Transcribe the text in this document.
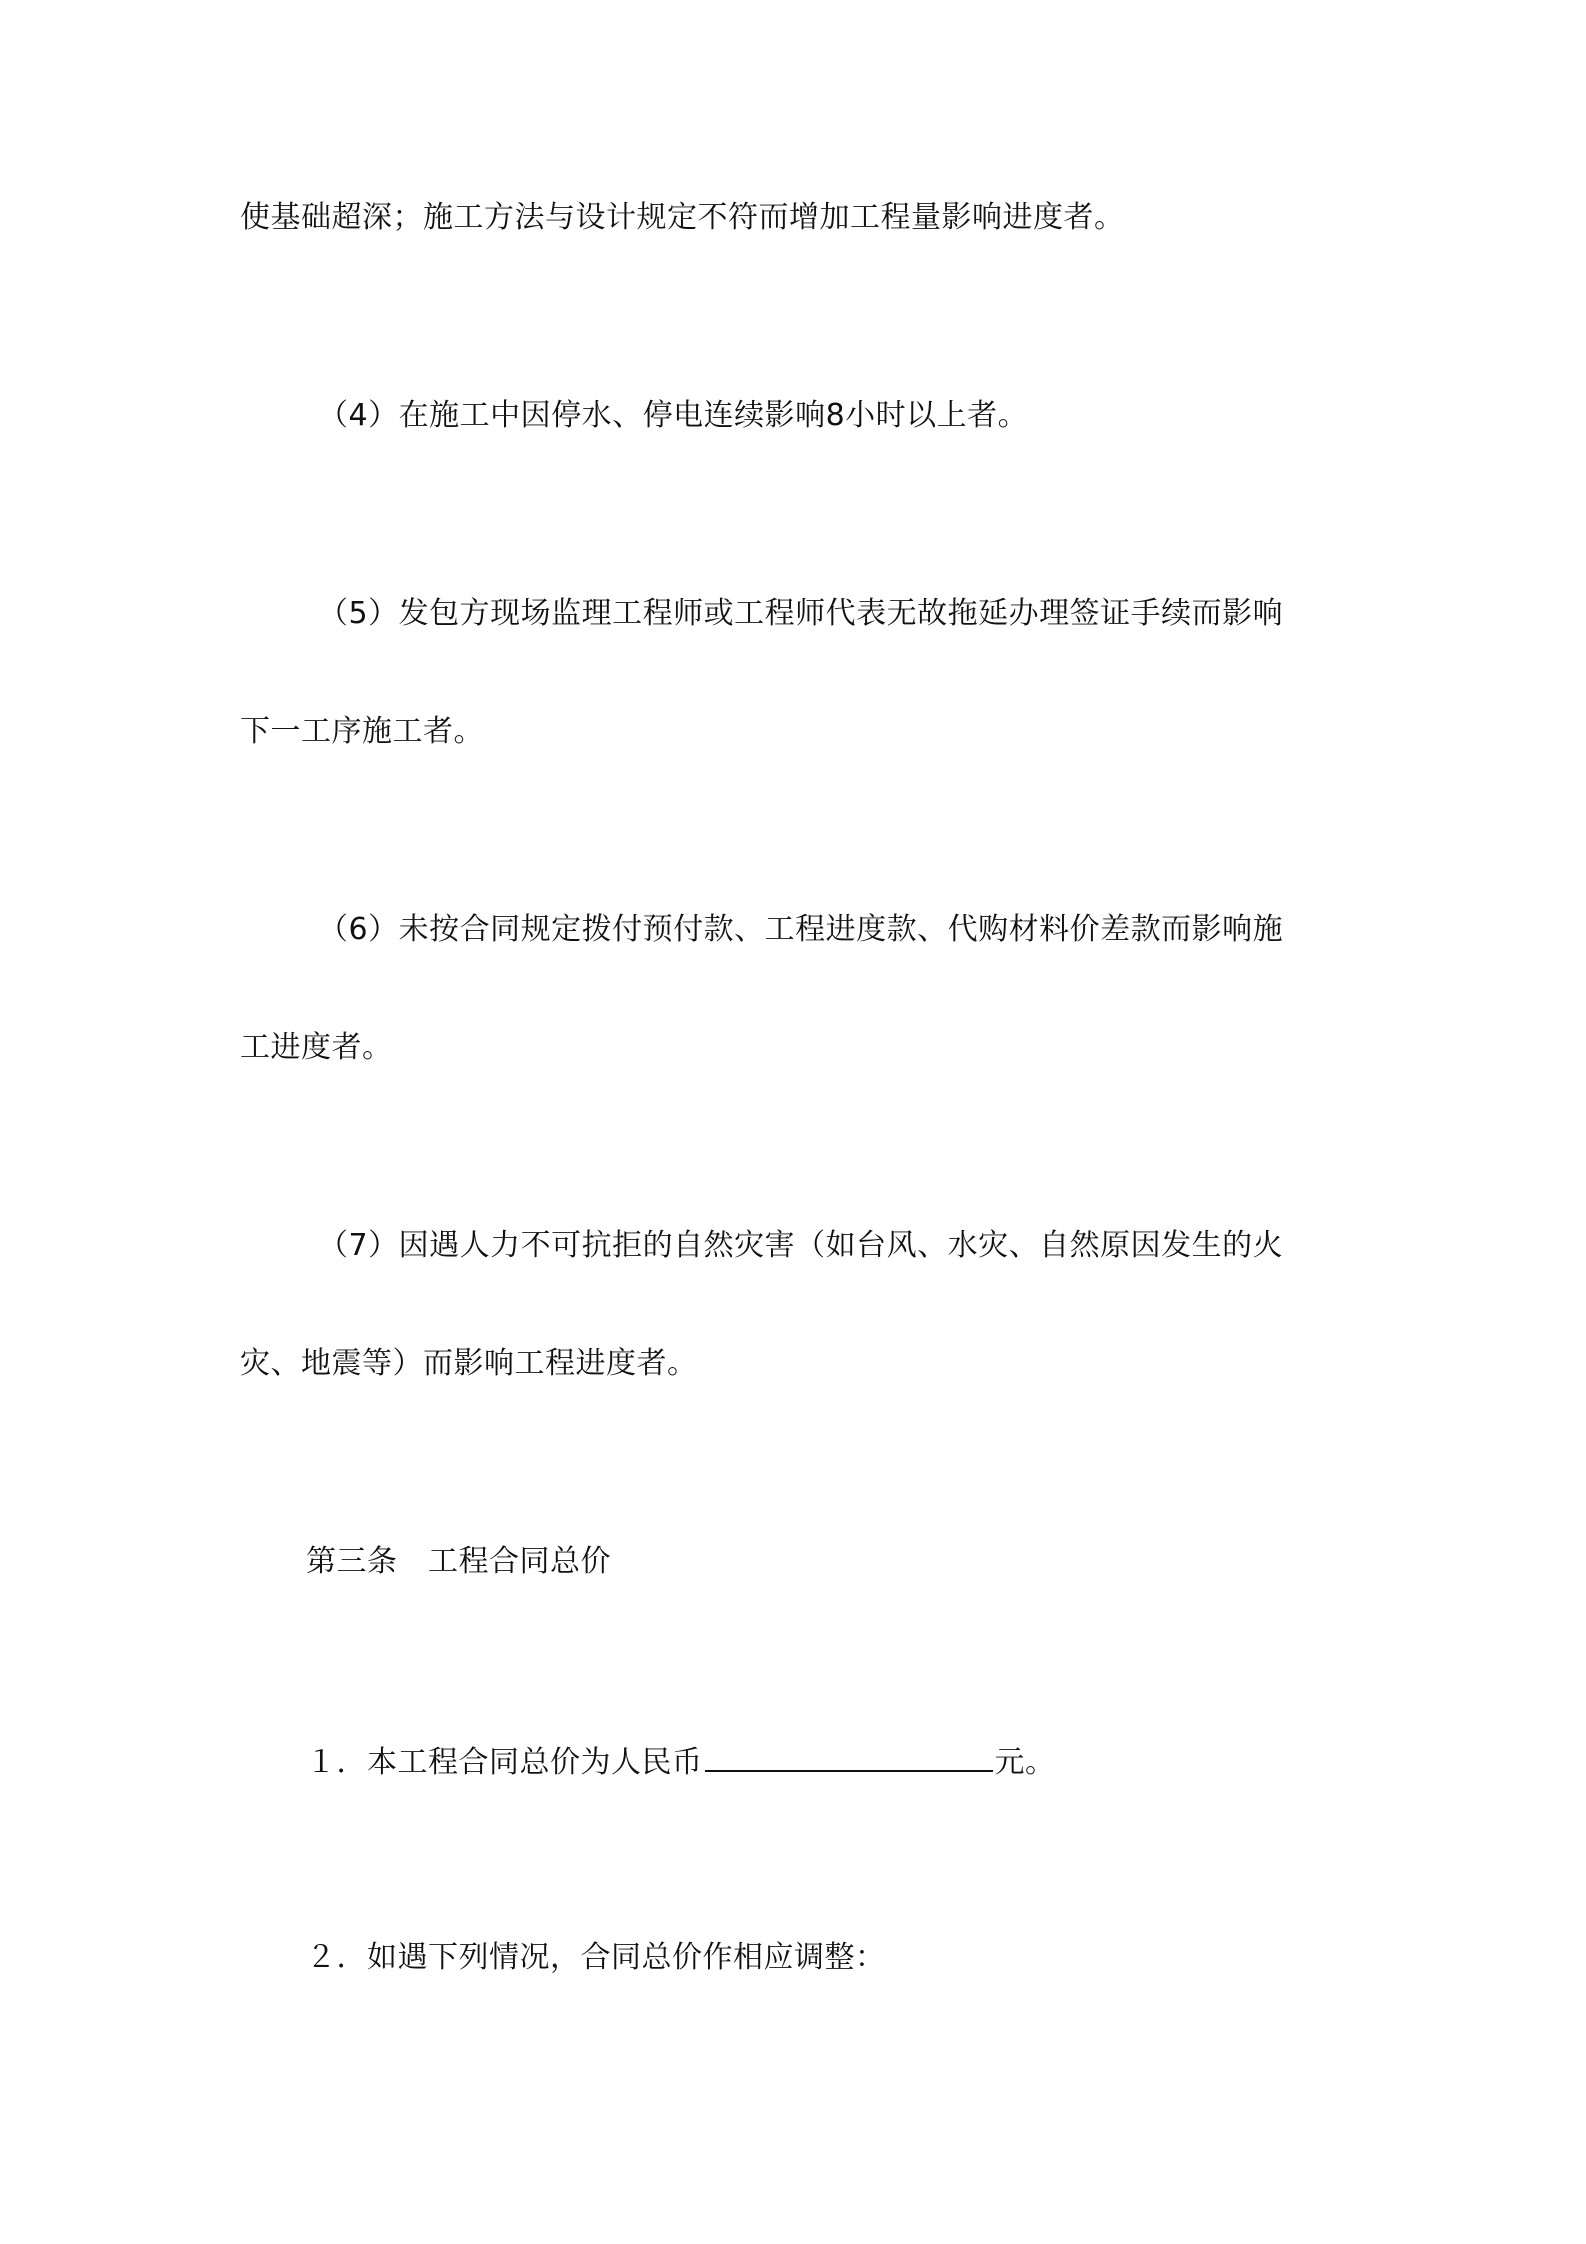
使基础超深；施工方法与设计规定不符而增加工程量影响进度者。
（4）在施工中因停水、停电连续影响8小时以上者。
（5）发包方现场监理工程师或工程师代表无故拖延办理签证手续而影响
下一工序施工者。
（6）未按合同规定拨付预付款、工程进度款、代购材料价差款而影响施
工进度者。
（7）因遇人力不可抗拒的自然灾害（如台风、水灾、自然原因发生的火
灾、地震等）而影响工程进度者。
第三条　工程合同总价
１．本工程合同总价为人民币	元。
２．如遇下列情况，合同总价作相应调整：
